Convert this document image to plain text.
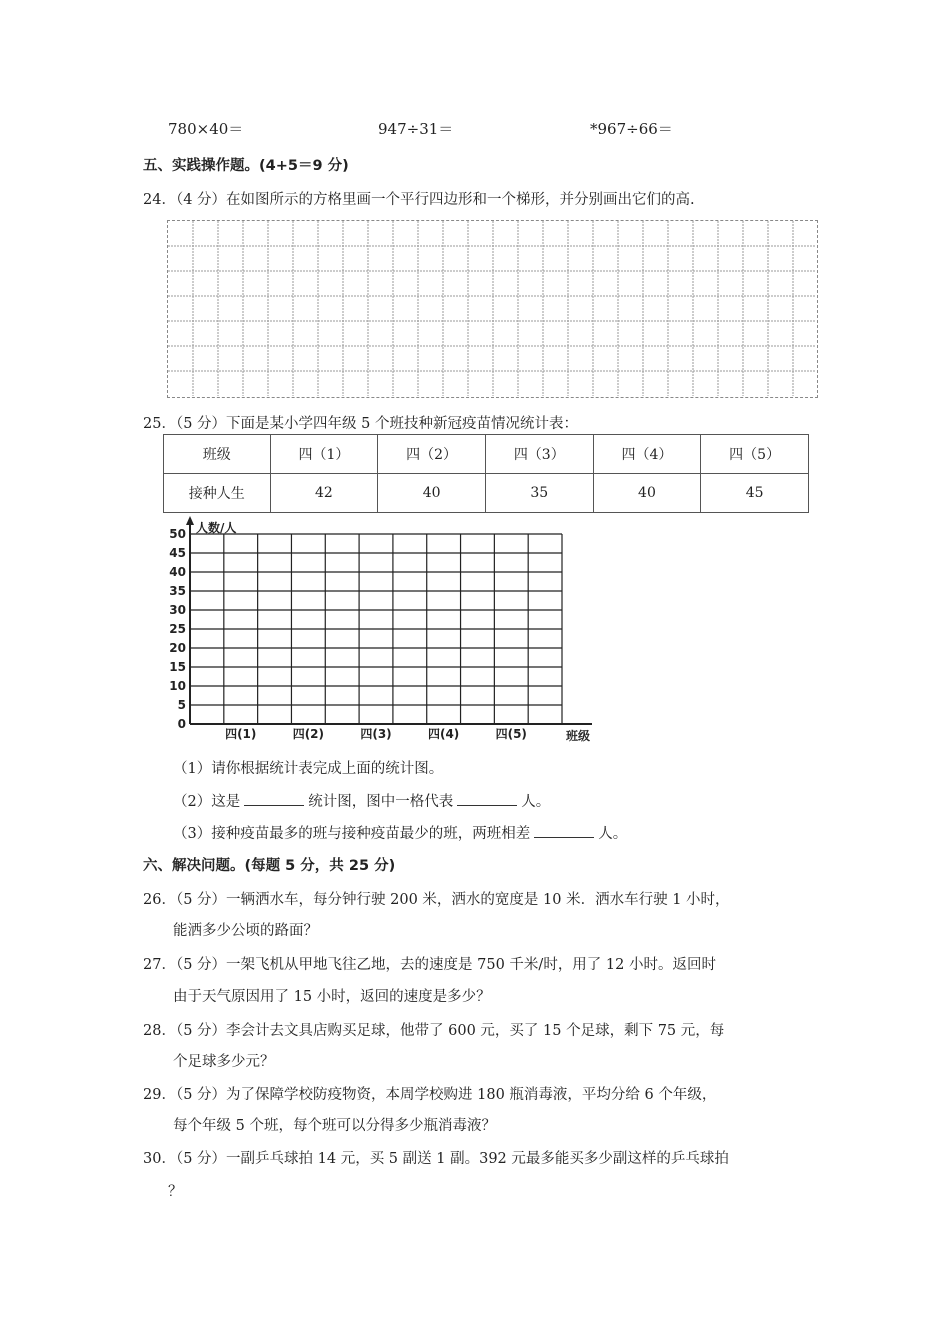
780×40＝	947÷31＝	*967÷66＝
五、实践操作题。(4+5＝9 分)
24．（4 分）在如图所示的方格里画一个平行四边形和一个梯形，并分别画出它们的高.
25．（5 分）下面是某小学四年级 5 个班技种新冠疫苗情况统计表：
班级	四（1）	四（2）	四（3）	四（4）	四（5）
接种人生	42	40	35	40	45
人数/人
班级
0
5
10
15
20
25
30
35
40
45
50
四(1)	四(2)	四(3)	四(4)	四(5)
（1）请你根据统计表完成上面的统计图。
（2）这是	统计图，图中一格代表	人。
（3）接种疫苗最多的班与接种疫苗最少的班，两班相差	人。
六、解决问题。(每题 5 分，共 25 分)
26．（5 分）一辆洒水车，每分钟行驶 200 米，洒水的宽度是 10 米．洒水车行驶 1 小时，
能洒多少公顷的路面？
27．（5 分）一架飞机从甲地飞往乙地，去的速度是 750 千米/时，用了 12 小时。返回时
由于天气原因用了 15 小时，返回的速度是多少？
28．（5 分）李会计去文具店购买足球，他带了 600 元，买了 15 个足球，剩下 75 元，每
个足球多少元？
29．（5 分）为了保障学校防疫物资，本周学校购进 180 瓶消毒液，平均分给 6 个年级，
每个年级 5 个班，每个班可以分得多少瓶消毒液？
30．（5 分）一副乒乓球拍 14 元，买 5 副送 1 副。392 元最多能买多少副这样的乒乓球拍
？
